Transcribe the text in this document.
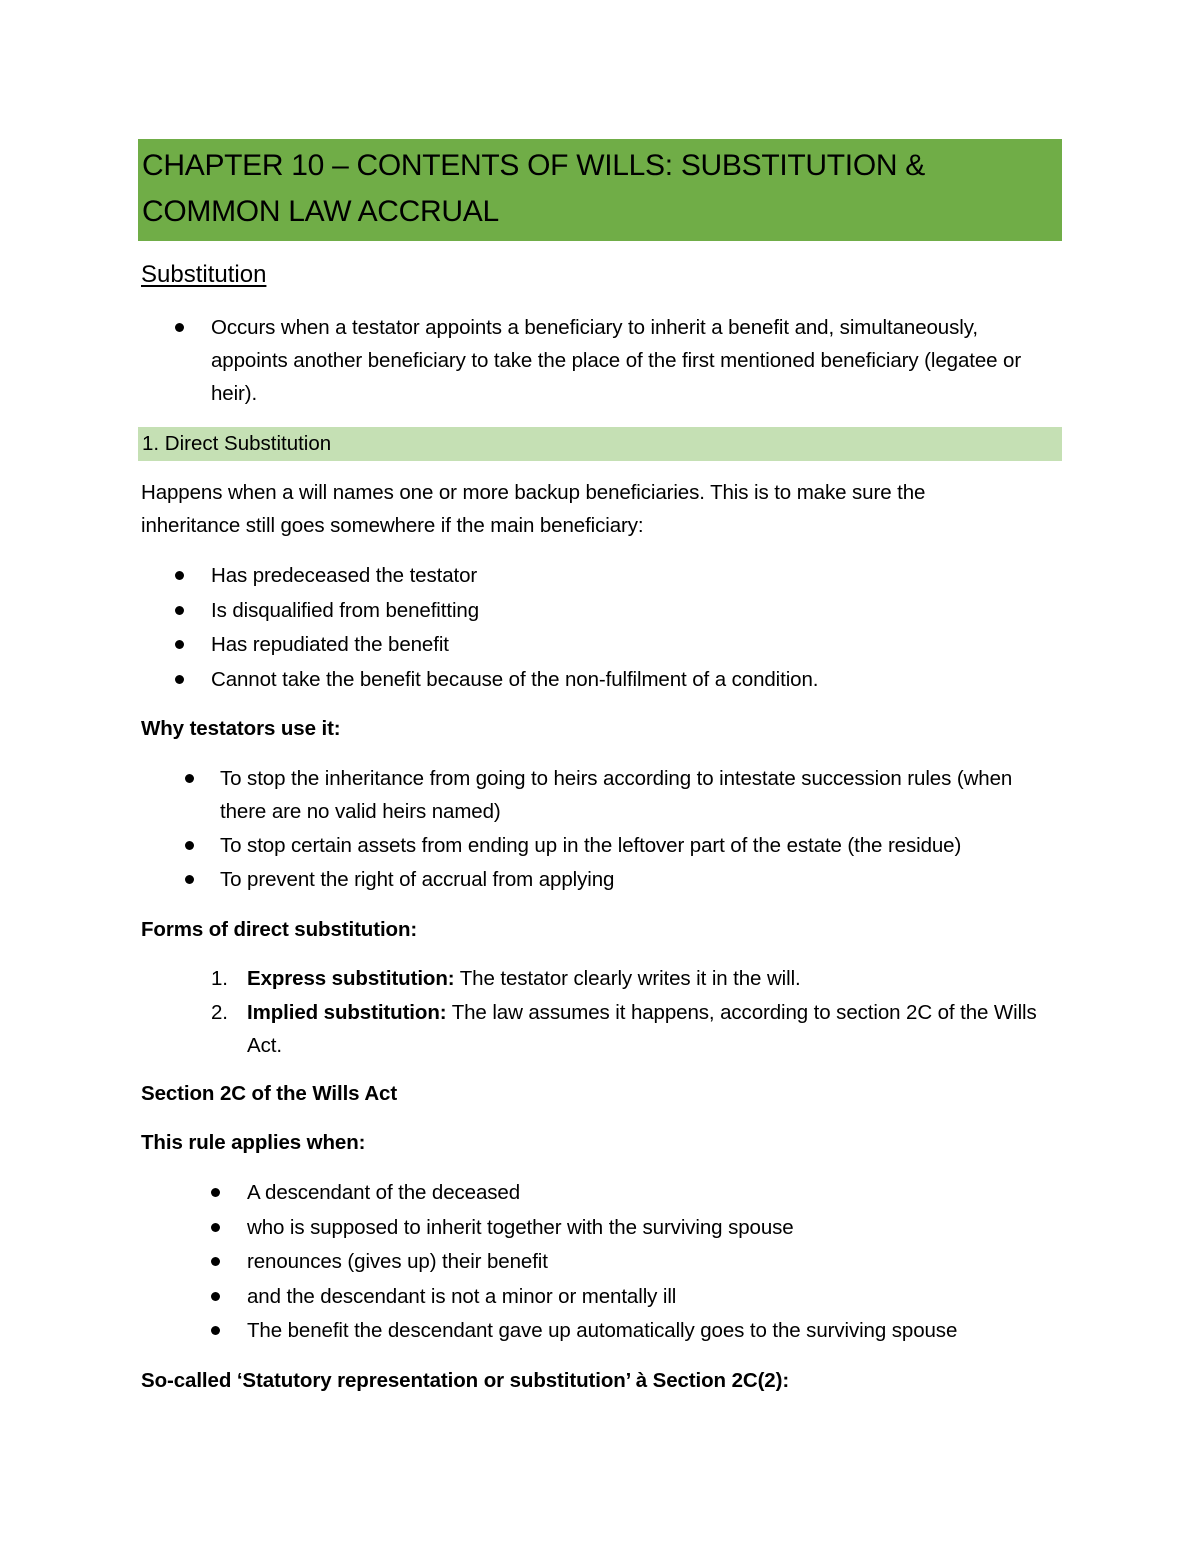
CHAPTER 10 – CONTENTS OF WILLS: SUBSTITUTION & COMMON LAW ACCRUAL
Substitution
Occurs when a testator appoints a beneficiary to inherit a benefit and, simultaneously, appoints another beneficiary to take the place of the first mentioned beneficiary (legatee or heir).
1. Direct Substitution
Happens when a will names one or more backup beneficiaries. This is to make sure the inheritance still goes somewhere if the main beneficiary:
Has predeceased the testator
Is disqualified from benefitting
Has repudiated the benefit
Cannot take the benefit because of the non-fulfilment of a condition.
Why testators use it:
To stop the inheritance from going to heirs according to intestate succession rules (when there are no valid heirs named)
To stop certain assets from ending up in the leftover part of the estate (the residue)
To prevent the right of accrual from applying
Forms of direct substitution:
1. Express substitution: The testator clearly writes it in the will.
2. Implied substitution: The law assumes it happens, according to section 2C of the Wills Act.
Section 2C of the Wills Act
This rule applies when:
A descendant of the deceased
who is supposed to inherit together with the surviving spouse
renounces (gives up) their benefit
and the descendant is not a minor or mentally ill
The benefit the descendant gave up automatically goes to the surviving spouse
So-called ‘Statutory representation or substitution’ à Section 2C(2):
